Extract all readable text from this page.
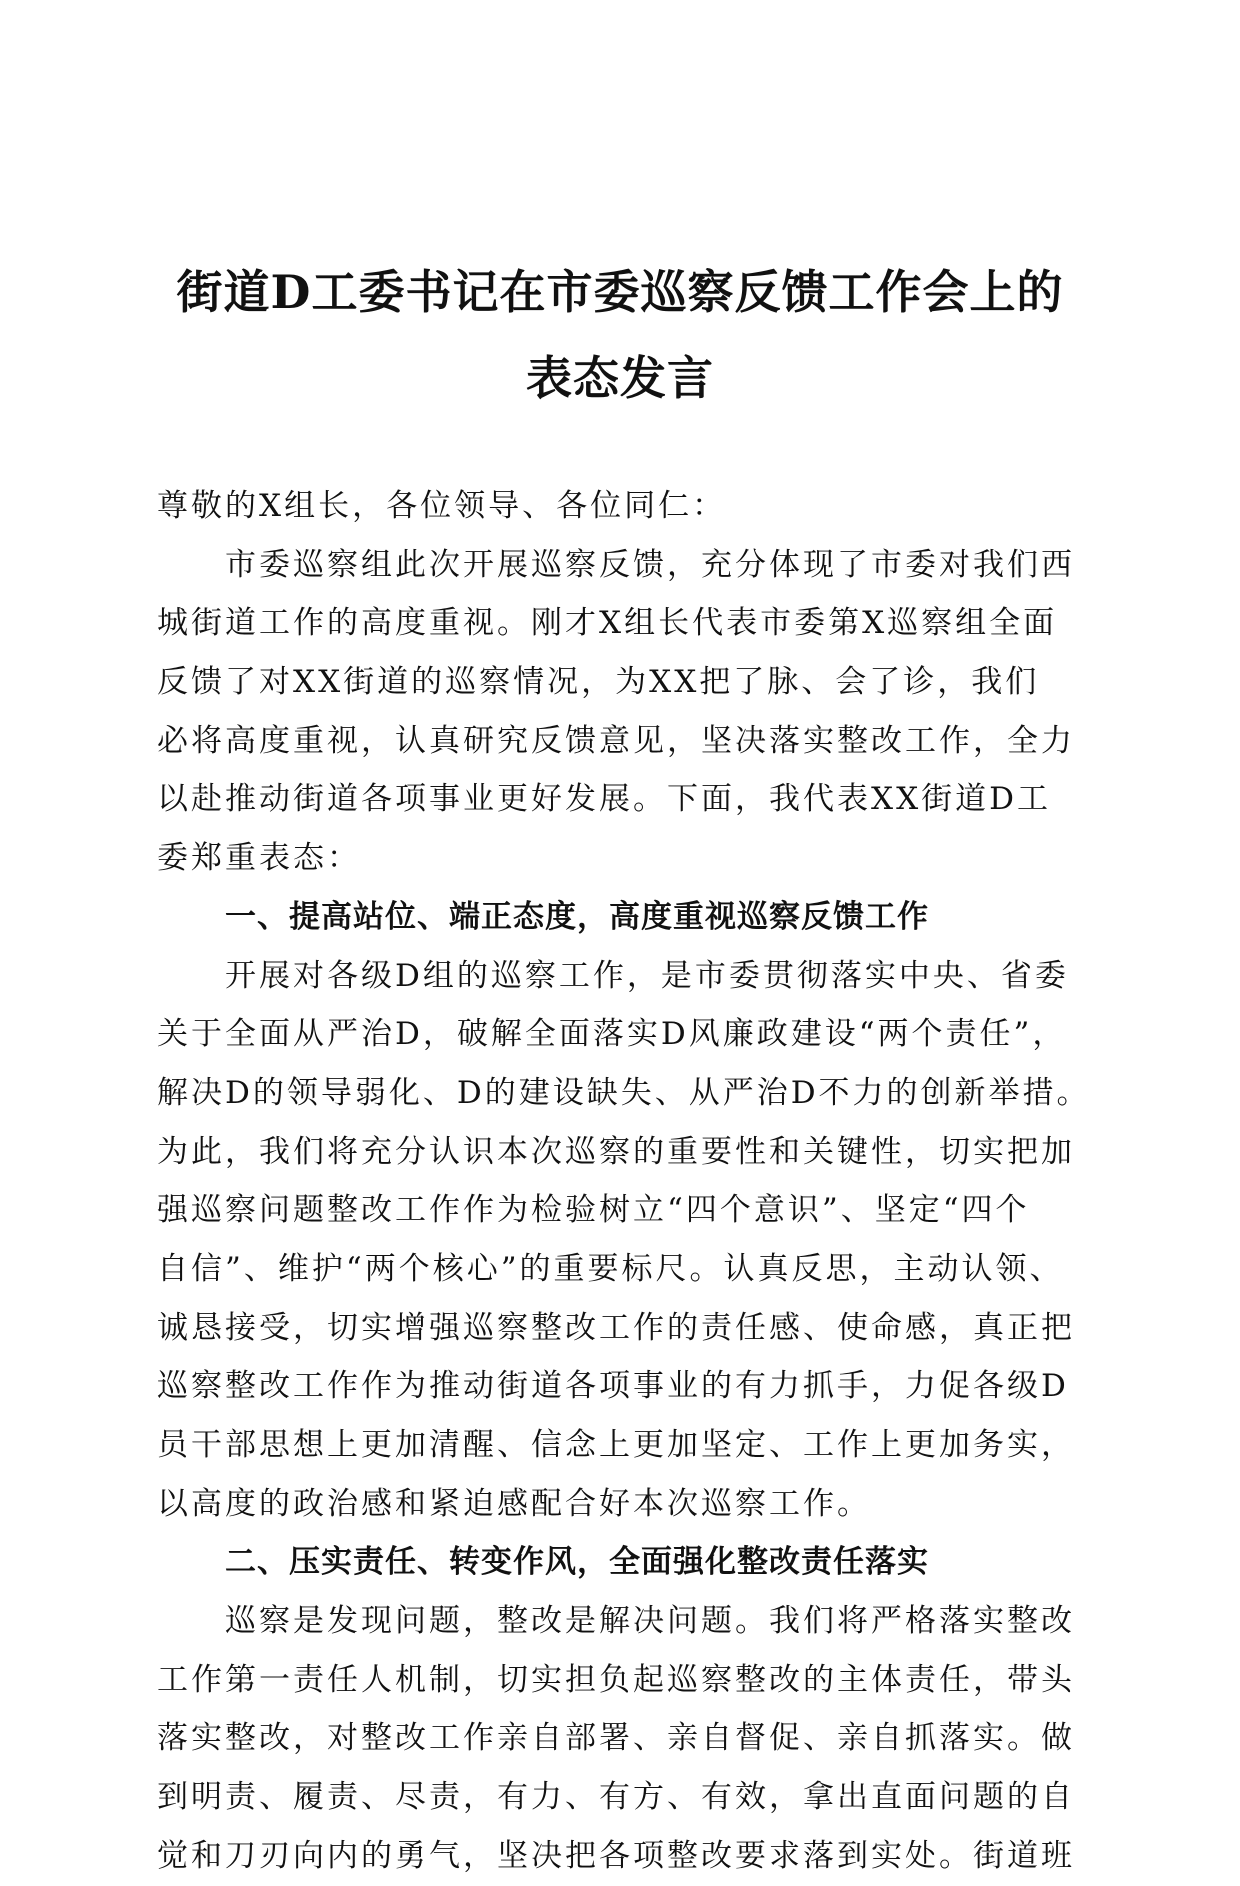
街道D工委书记在市委巡察反馈工作会上的
表态发言
尊敬的X组长，各位领导、各位同仁：
市委巡察组此次开展巡察反馈，充分体现了市委对我们西
城街道工作的高度重视。刚才X组长代表市委第X巡察组全面
反馈了对XX街道的巡察情况，为XX把了脉、会了诊，我们
必将高度重视，认真研究反馈意见，坚决落实整改工作，全力
以赴推动街道各项事业更好发展。下面，我代表XX街道D工
委郑重表态：
一、提高站位、端正态度，高度重视巡察反馈工作
开展对各级D组的巡察工作，是市委贯彻落实中央、省委
关于全面从严治D，破解全面落实D风廉政建设“两个责任”，
解决D的领导弱化、D的建设缺失、从严治D不力的创新举措。
为此，我们将充分认识本次巡察的重要性和关键性，切实把加
强巡察问题整改工作作为检验树立“四个意识”、坚定“四个
自信”、维护“两个核心”的重要标尺。认真反思，主动认领、
诚恳接受，切实增强巡察整改工作的责任感、使命感，真正把
巡察整改工作作为推动街道各项事业的有力抓手，力促各级D
员干部思想上更加清醒、信念上更加坚定、工作上更加务实，
以高度的政治感和紧迫感配合好本次巡察工作。
二、压实责任、转变作风，全面强化整改责任落实
巡察是发现问题，整改是解决问题。我们将严格落实整改
工作第一责任人机制，切实担负起巡察整改的主体责任，带头
落实整改，对整改工作亲自部署、亲自督促、亲自抓落实。做
到明责、履责、尽责，有力、有方、有效，拿出直面问题的自
觉和刀刃向内的勇气，坚决把各项整改要求落到实处。街道班
